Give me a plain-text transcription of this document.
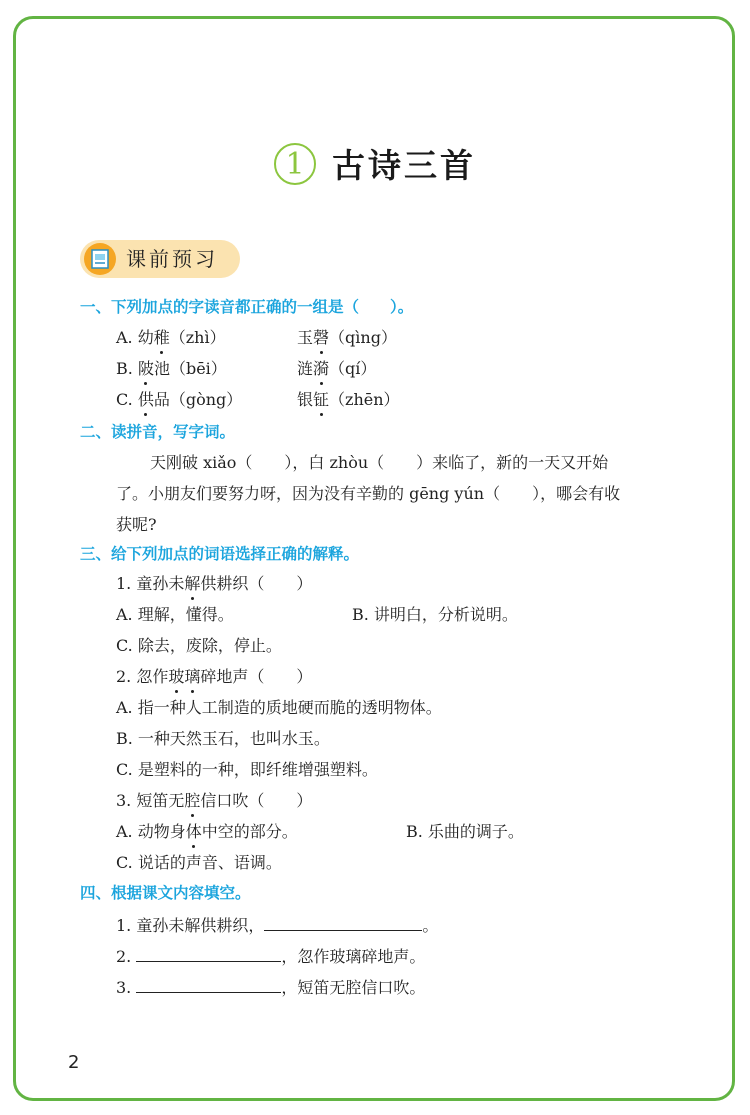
1 古诗三首
课前预习
一、下列加点的字读音都正确的一组是（　　）。
A. 幼稚（zhì）	玉磬（qìng）
B. 陂池（bēi）	涟漪（qí）
C. 供品（gòng）	银钲（zhēn）
二、读拼音，写字词。
天刚破 xiǎo（　　），白 zhòu（　　）来临了，新的一天又开始
了。小朋友们要努力呀，因为没有辛勤的 gēng yún（　　），哪会有收
获呢?
三、给下列加点的词语选择正确的解释。
1. 童孙未解供耕织（　　）
A. 理解，懂得。	B. 讲明白，分析说明。
C. 除去，废除，停止。
2. 忽作玻璃碎地声（　　）
A. 指一种人工制造的质地硬而脆的透明物体。
B. 一种天然玉石，也叫水玉。
C. 是塑料的一种，即纤维增强塑料。
3. 短笛无腔信口吹（　　）
A. 动物身体中空的部分。	B. 乐曲的调子。
C. 说话的声音、语调。
四、根据课文内容填空。
1. 童孙未解供耕织，	。
2.	，忽作玻璃碎地声。
3.	，短笛无腔信口吹。
2
